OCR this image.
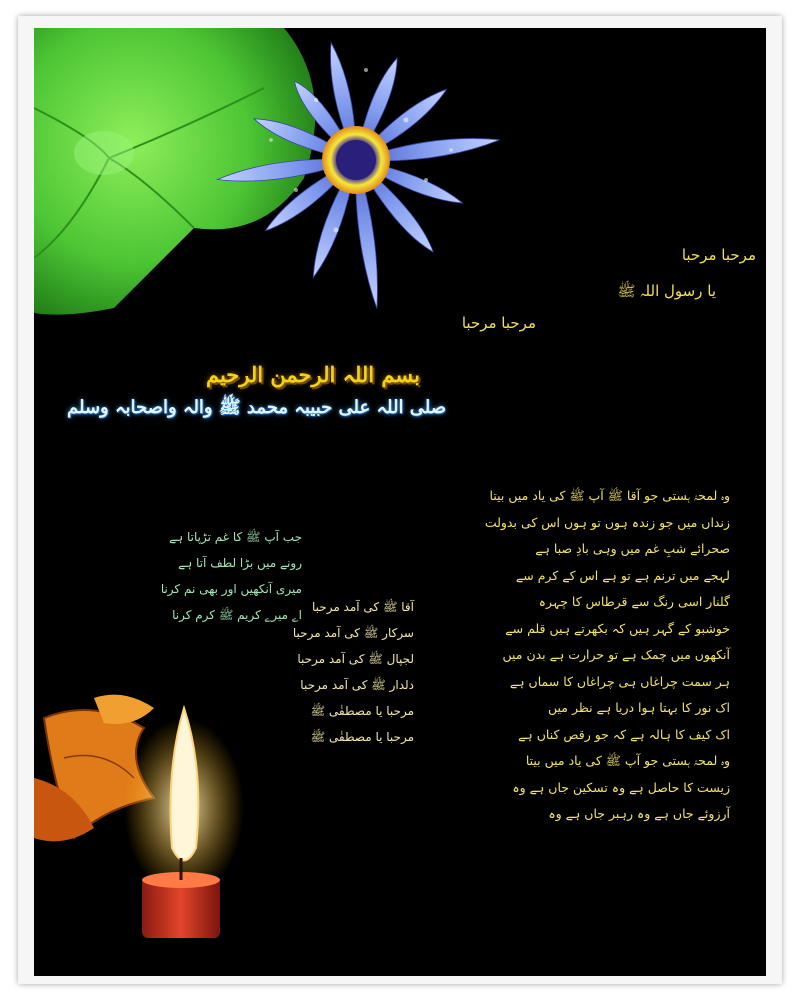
مرحبا مرحبا
یا رسول اللہ ﷺ
مرحبا مرحبا
بسم اللہ الرحمن الرحیم
صلی اللہ علی حبیبہ محمد ﷺ والہ واصحابہ وسلم
وہ لمحۂ ہستی جو آقا ﷺ آپ ﷺ کی یاد میں بیتا
زنداں میں جو زندہ ہوں تو ہوں اس کی بدولت
صحرائے شبِ غم میں وہی بادِ صبا ہے
لہجے میں ترنم ہے تو ہے اس کے کرم سے
گلنار اسی رنگ سے قرطاس کا چہرہ
خوشبو کے گہر ہیں کہ بکھرتے ہیں قلم سے
آنکھوں میں چمک ہے تو حرارت ہے بدن میں
ہر سمت چراغاں ہی چراغاں کا سماں ہے
اک نور کا بہتا ہوا دریا ہے نظر میں
اک کیف کا ہالہ ہے کہ جو رقص کناں ہے
وہ لمحۂ ہستی جو آپ ﷺ کی یاد میں بیتا
زیست کا حاصل ہے وہ تسکین جاں ہے وہ
آرزوئے جاں ہے وہ رہبر جاں ہے وہ
جب آپ ﷺ کا غم تڑپاتا ہے
رونے میں بڑا لطف آتا ہے
میری آنکھیں اور بھی نم کرنا
اے میرے کریم ﷺ کرم کرنا
آقا ﷺ کی آمد مرحبا
سرکار ﷺ کی آمد مرحبا
لجپال ﷺ کی آمد مرحبا
دلدار ﷺ کی آمد مرحبا
مرحبا یا مصطفٰی ﷺ
مرحبا یا مصطفٰی ﷺ
